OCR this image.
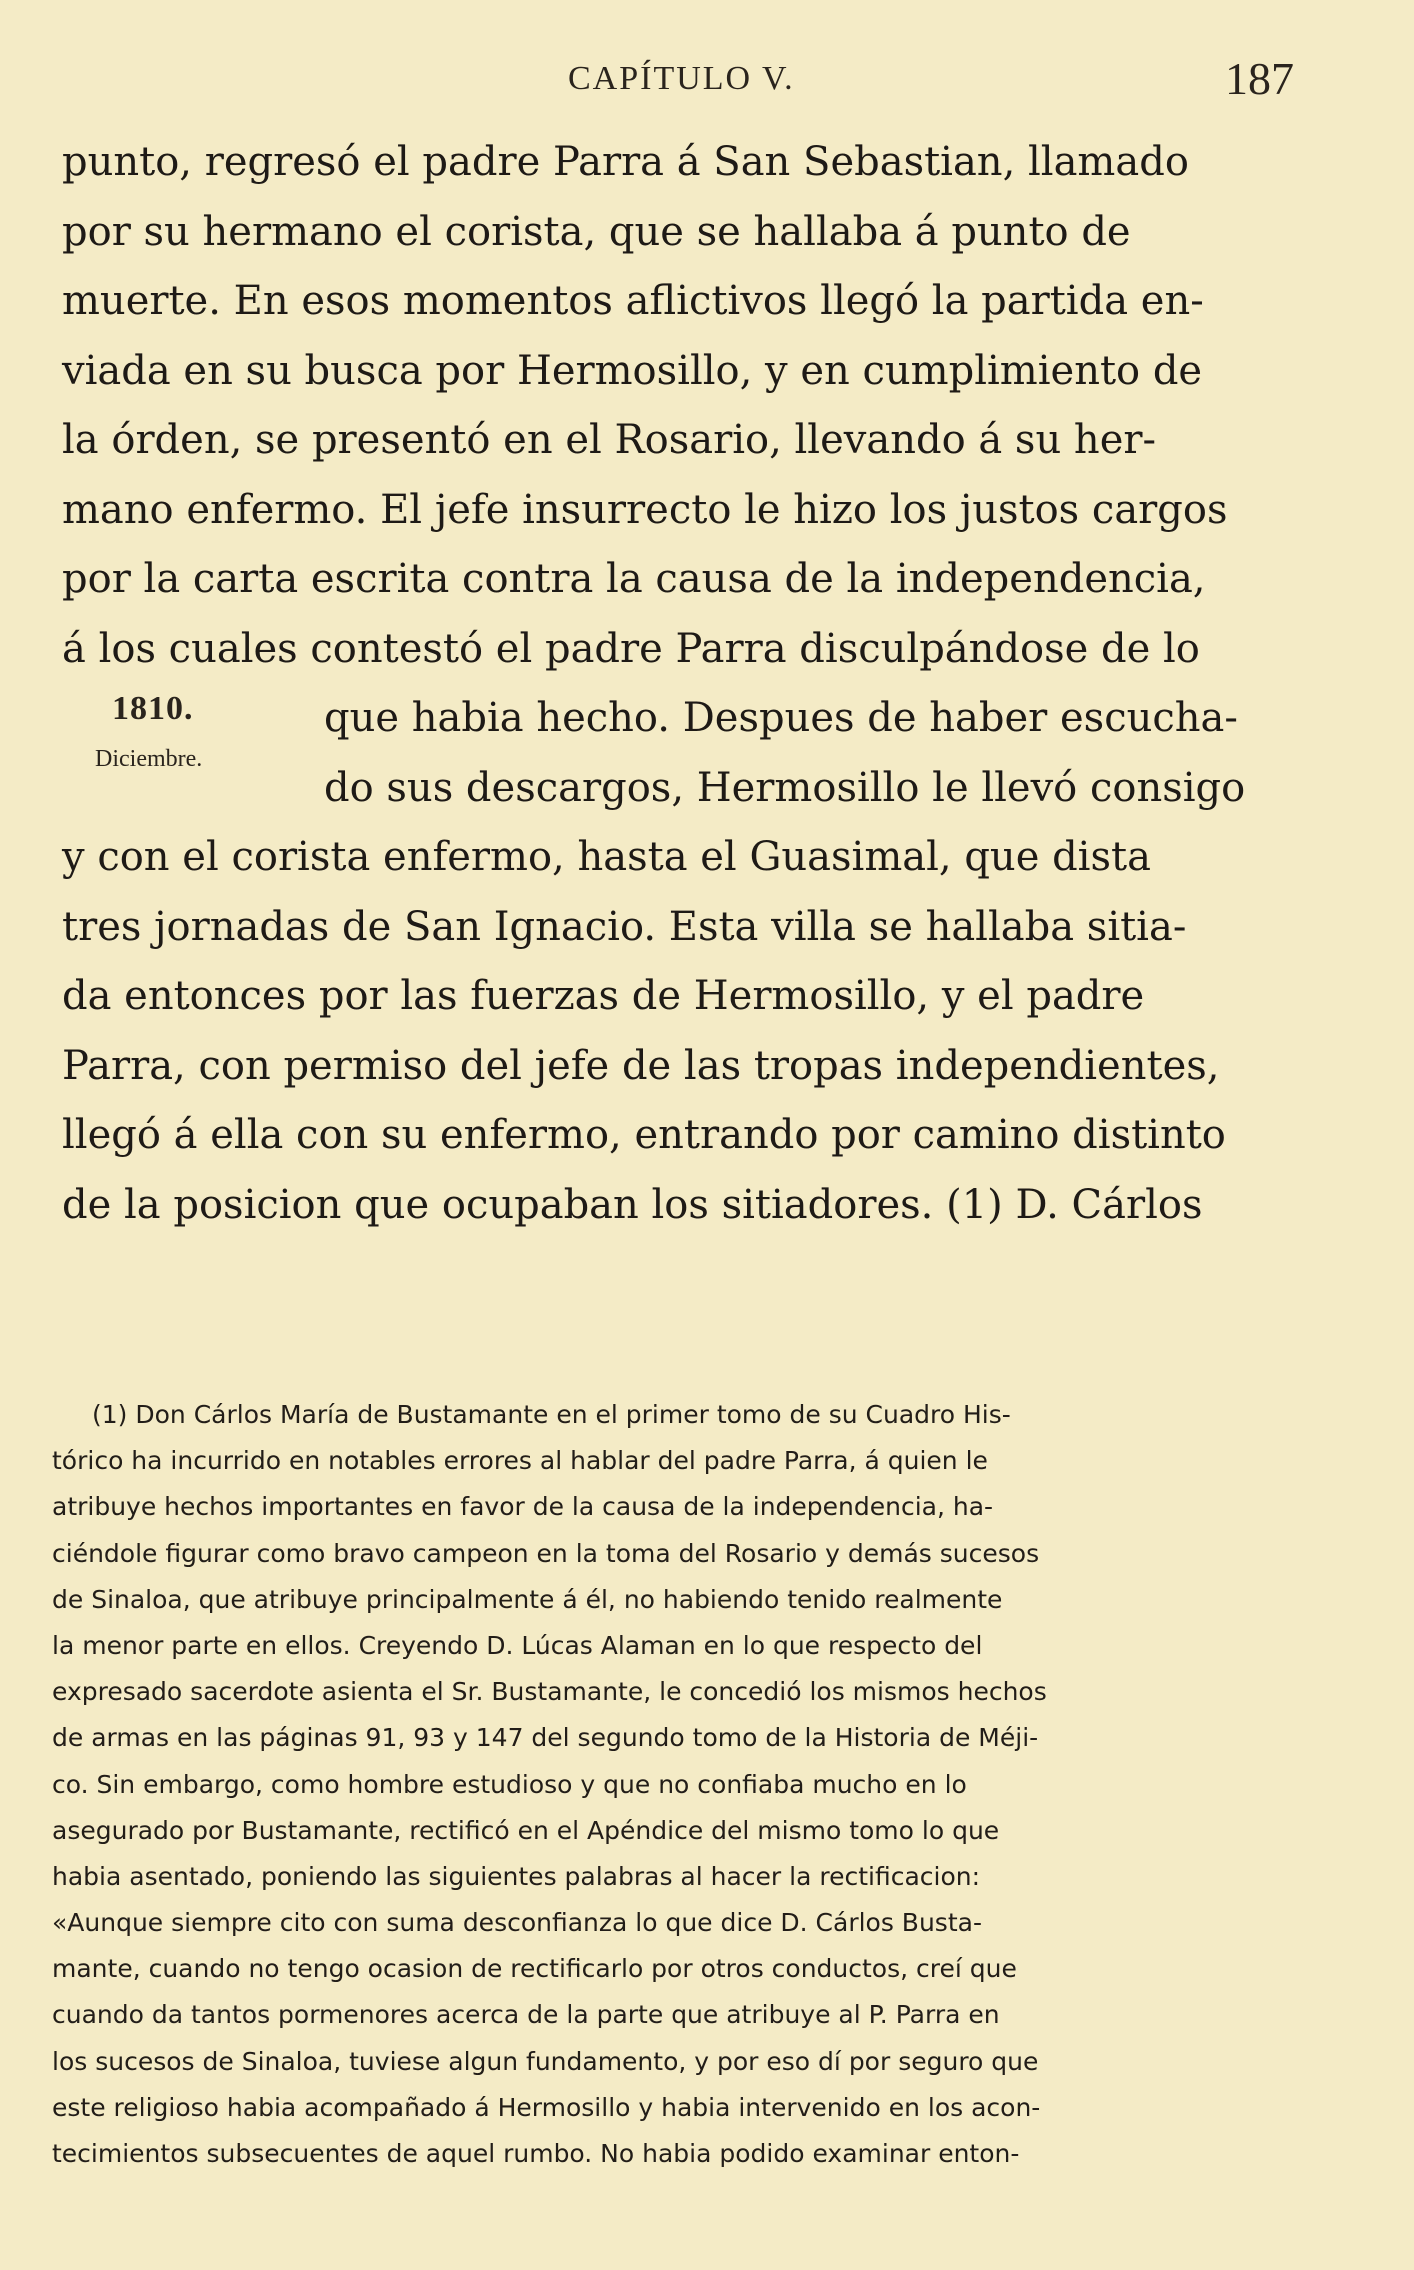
CAPÍTULO V.	187
1810.
Diciembre.
punto, regresó el padre Parra á San Sebastian, llamado
por su hermano el corista, que se hallaba á punto de
muerte. En esos momentos aflictivos llegó la partida en-
viada en su busca por Hermosillo, y en cumplimiento de
la órden, se presentó en el Rosario, llevando á su her-
mano enfermo. El jefe insurrecto le hizo los justos cargos
por la carta escrita contra la causa de la independencia,
á los cuales contestó el padre Parra disculpándose de lo
que habia hecho. Despues de haber escucha-
do sus descargos, Hermosillo le llevó consigo
y con el corista enfermo, hasta el Guasimal, que dista
tres jornadas de San Ignacio. Esta villa se hallaba sitia-
da entonces por las fuerzas de Hermosillo, y el padre
Parra, con permiso del jefe de las tropas independientes,
llegó á ella con su enfermo, entrando por camino distinto
de la posicion que ocupaban los sitiadores. (1) D. Cárlos
(1) Don Cárlos María de Bustamante en el primer tomo de su Cuadro His-
tórico ha incurrido en notables errores al hablar del padre Parra, á quien le
atribuye hechos importantes en favor de la causa de la independencia, ha-
ciéndole figurar como bravo campeon en la toma del Rosario y demás sucesos
de Sinaloa, que atribuye principalmente á él, no habiendo tenido realmente
la menor parte en ellos. Creyendo D. Lúcas Alaman en lo que respecto del
expresado sacerdote asienta el Sr. Bustamante, le concedió los mismos hechos
de armas en las páginas 91, 93 y 147 del segundo tomo de la Historia de Méji-
co. Sin embargo, como hombre estudioso y que no confiaba mucho en lo
asegurado por Bustamante, rectificó en el Apéndice del mismo tomo lo que
habia asentado, poniendo las siguientes palabras al hacer la rectificacion:
«Aunque siempre cito con suma desconfianza lo que dice D. Cárlos Busta-
mante, cuando no tengo ocasion de rectificarlo por otros conductos, creí que
cuando da tantos pormenores acerca de la parte que atribuye al P. Parra en
los sucesos de Sinaloa, tuviese algun fundamento, y por eso dí por seguro que
este religioso habia acompañado á Hermosillo y habia intervenido en los acon-
tecimientos subsecuentes de aquel rumbo. No habia podido examinar enton-
